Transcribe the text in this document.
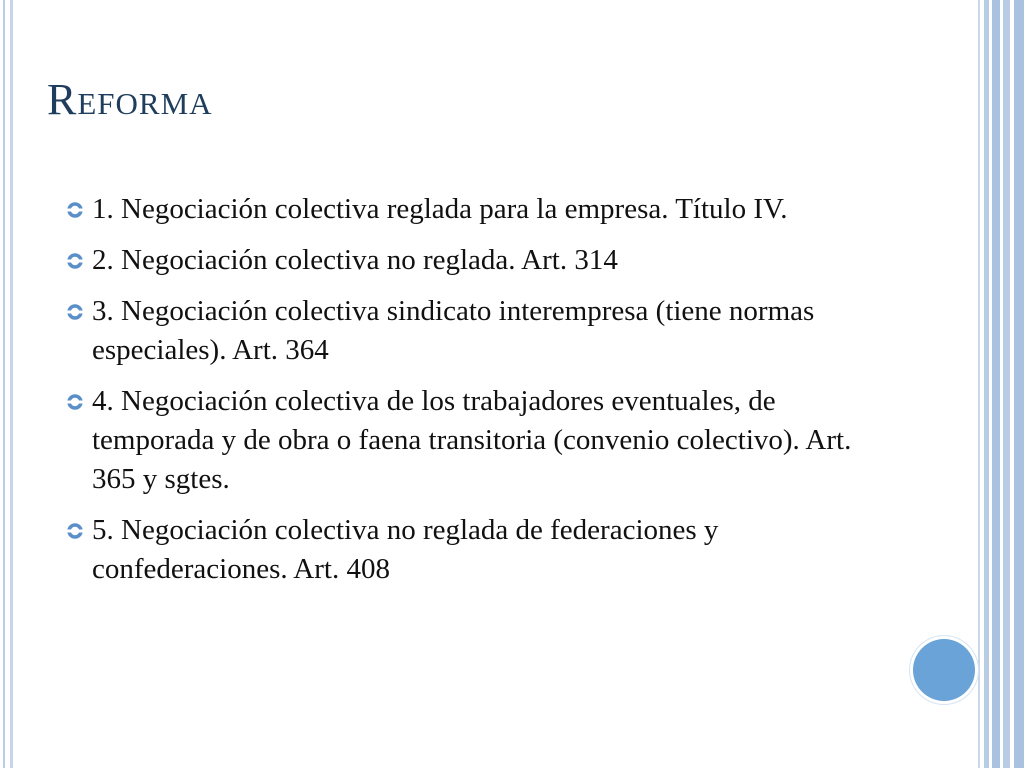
Reforma
1. Negociación colectiva reglada para la empresa. Título IV.
2. Negociación colectiva no reglada. Art. 314
3. Negociación colectiva sindicato interempresa (tiene normas especiales). Art. 364
4. Negociación colectiva de los trabajadores eventuales, de temporada y de obra o faena transitoria (convenio colectivo). Art. 365 y sgtes.
5. Negociación colectiva no reglada de federaciones y confederaciones. Art. 408
